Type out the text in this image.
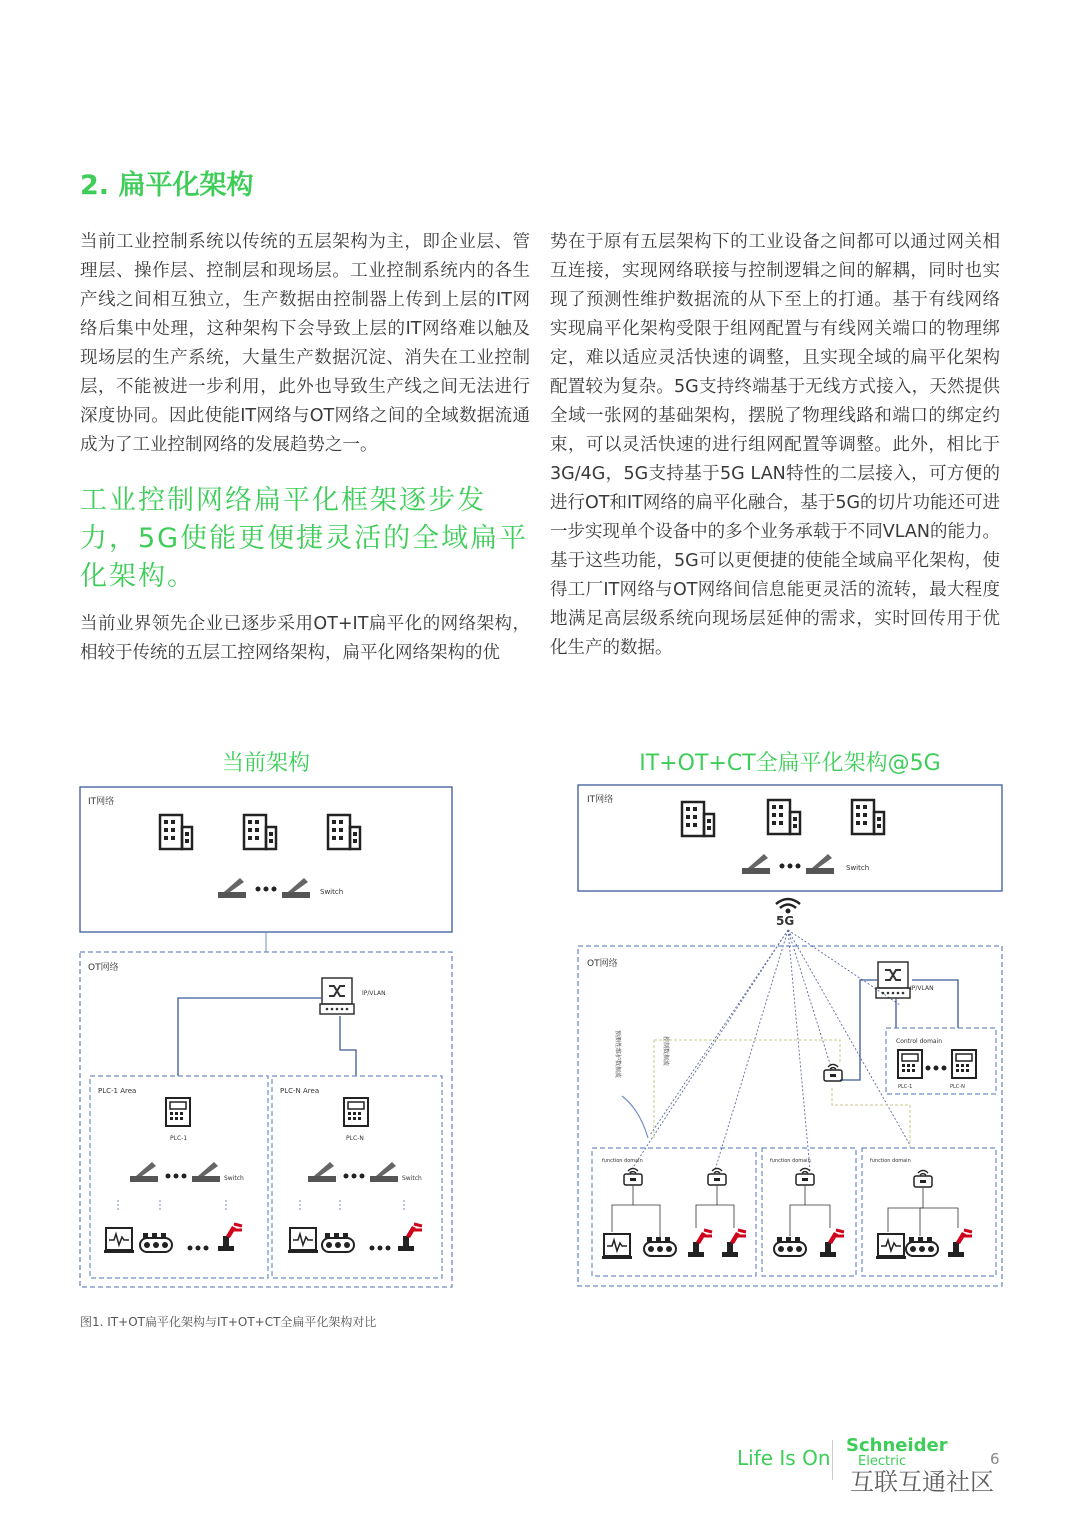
2. 扁平化架构

当前工业控制系统以传统的五层架构为主，即企业层、管理层、操作层、控制层和现场层。工业控制系统内的各生产线之间相互独立，生产数据由控制器上传到上层的IT网络后集中处理，这种架构下会导致上层的IT网络难以触及现场层的生产系统，大量生产数据沉淀、消失在工业控制层，不能被进一步利用，此外也导致生产线之间无法进行深度协同。因此使能IT网络与OT网络之间的全域数据流通成为了工业控制网络的发展趋势之一。

工业控制网络扁平化框架逐步发力，5G使能更便捷灵活的全域扁平化架构。

当前业界领先企业已逐步采用OT+IT扁平化的网络架构，相较于传统的五层工控网络架构，扁平化网络架构的优

势在于原有五层架构下的工业设备之间都可以通过网关相互连接，实现网络联接与控制逻辑之间的解耦，同时也实现了预测性维护数据流的从下至上的打通。基于有线网络实现扁平化架构受限于组网配置与有线网关端口的物理绑定，难以适应灵活快速的调整，且实现全域的扁平化架构配置较为复杂。5G支持终端基于无线方式接入，天然提供全域一张网的基础架构，摆脱了物理线路和端口的绑定约束，可以灵活快速的进行组网配置等调整。此外，相比于3G/4G，5G支持基于5G LAN特性的二层接入，可方便的进行OT和IT网络的扁平化融合，基于5G的切片功能还可进一步实现单个设备中的多个业务承载于不同VLAN的能力。基于这些功能，5G可以更便捷的使能全域扁平化架构，使得工厂IT网络与OT网络间信息能更灵活的流转，最大程度地满足高层级系统向现场层延伸的需求，实时回传用于优化生产的数据。

当前架构	IT+OT+CT全扁平化架构@5G
IT网络
Switch
OT网络
IP/VLAN
PLC-1 Area
PLC-1
Switch
PLC-N Area
PLC-N
Switch
IT网络
Switch
5G
OT网络
IP/VLAN
Control domain
PLC-1	PLC-N
预测性维护数据流	控制数据流
function domain	function domain	function domain
图1. IT+OT扁平化架构与IT+OT+CT全扁平化架构对比
Life Is On
Schneider
Electric	6
互联互通社区
